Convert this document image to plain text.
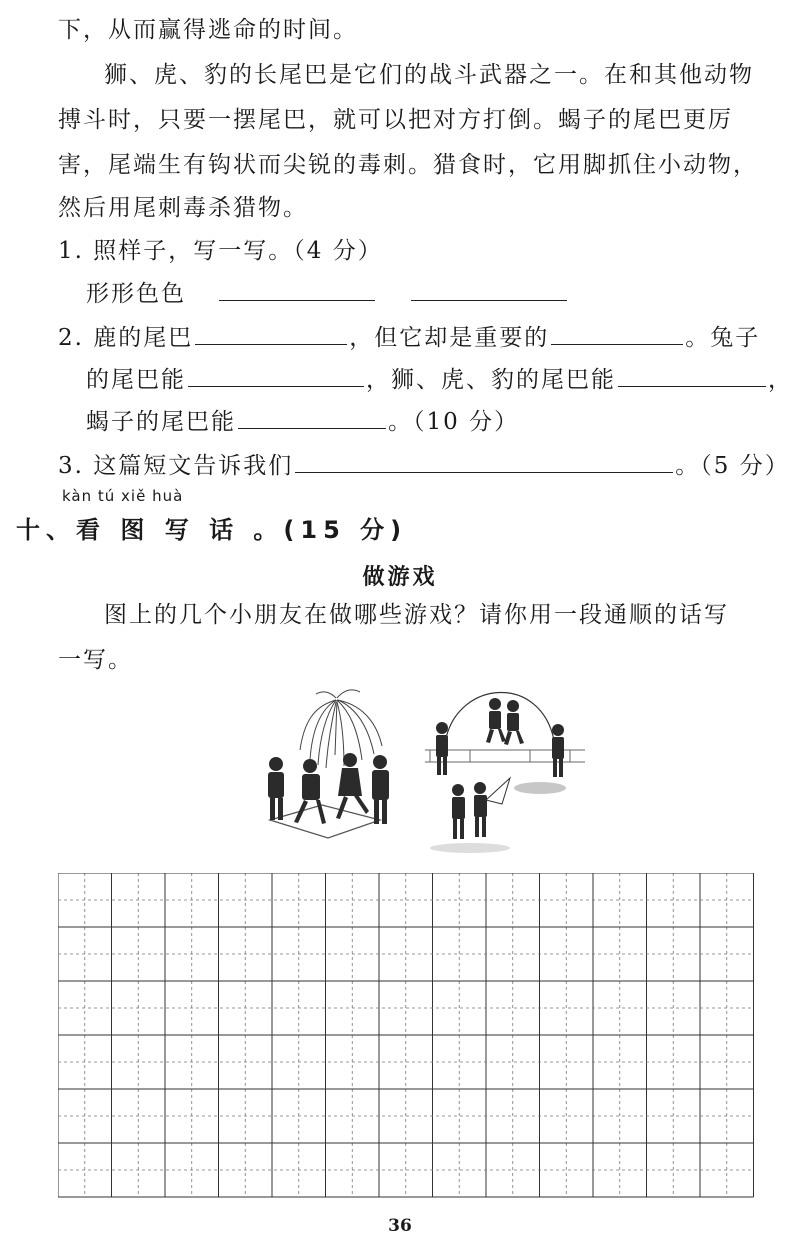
下，从而赢得逃命的时间。
狮、虎、豹的长尾巴是它们的战斗武器之一。在和其他动物
搏斗时，只要一摆尾巴，就可以把对方打倒。蝎子的尾巴更厉
害，尾端生有钩状而尖锐的毒刺。猎食时，它用脚抓住小动物，
然后用尾刺毒杀猎物。
1. 照样子，写一写。（4 分）
形形色色
2. 鹿的尾巴	，但它却是重要的	。兔子
的尾巴能	，狮、虎、豹的尾巴能	，
蝎子的尾巴能	。（10 分）
3. 这篇短文告诉我们	。（5 分）
kàn tú xiě huà
十、看 图 写 话 。(15 分)
做游戏
图上的几个小朋友在做哪些游戏？请你用一段通顺的话写
一写。
36
